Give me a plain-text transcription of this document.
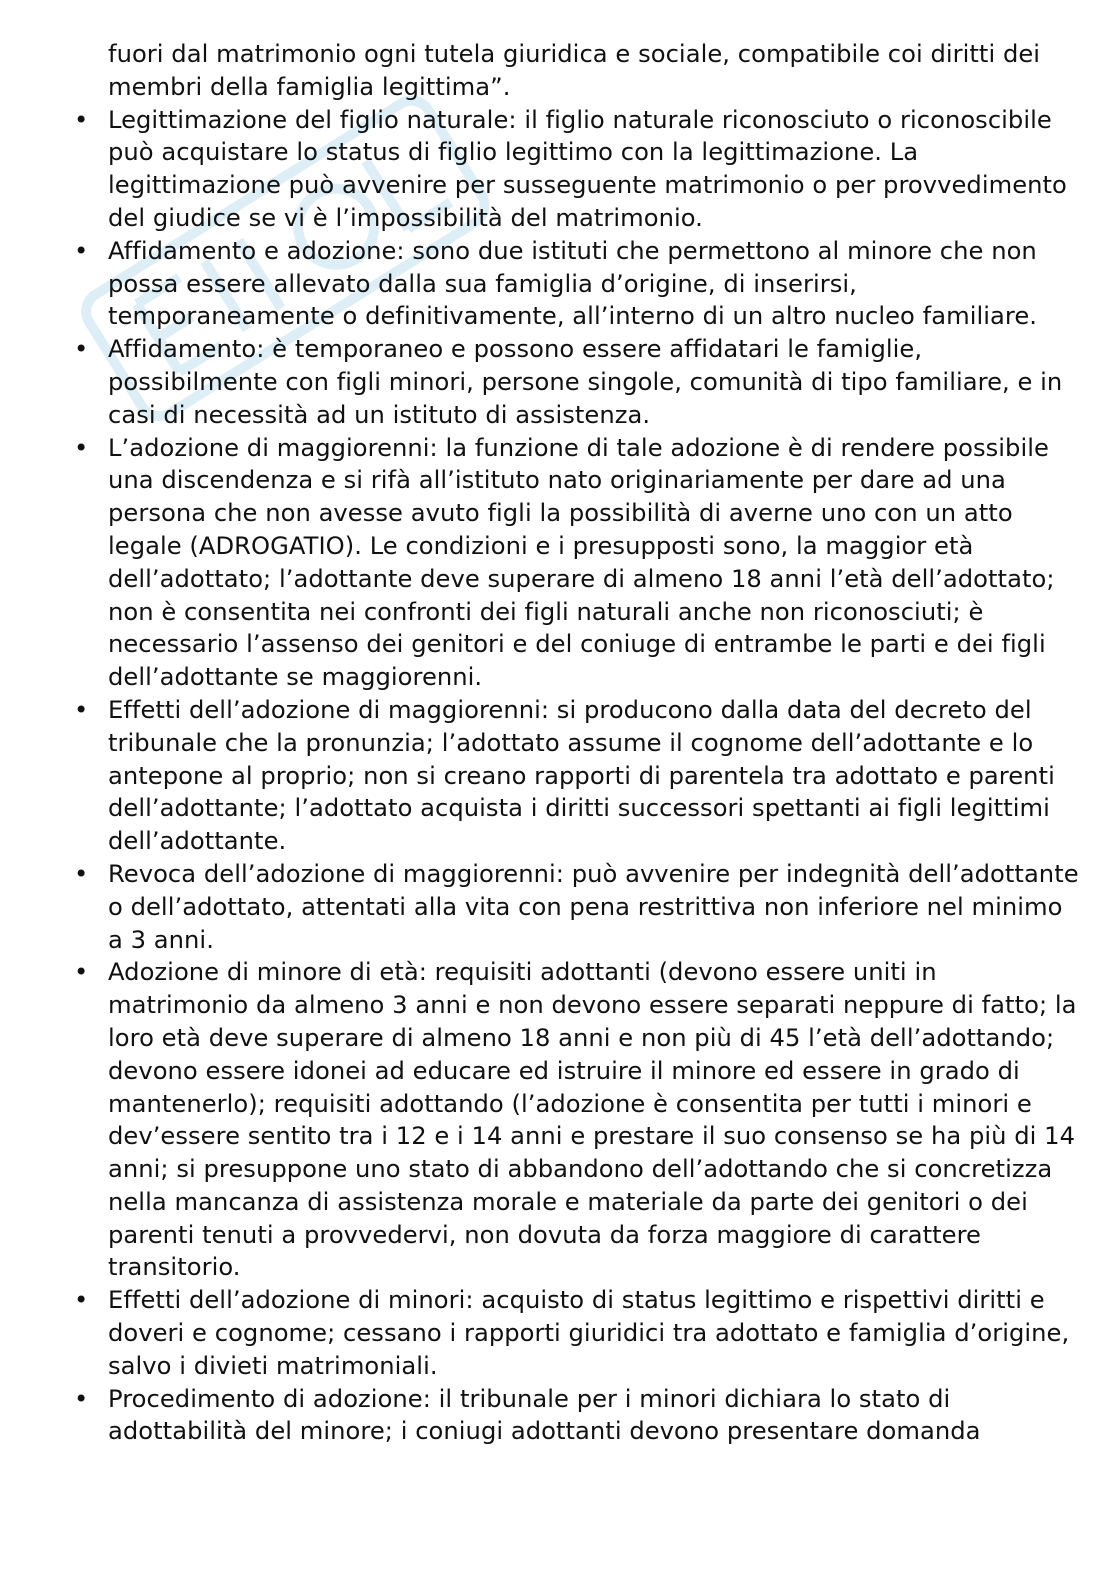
fuori dal matrimonio ogni tutela giuridica e sociale, compatibile coi diritti dei membri della famiglia legittima”.

• Legittimazione del figlio naturale: il figlio naturale riconosciuto o riconoscibile può acquistare lo status di figlio legittimo con la legittimazione. La legittimazione può avvenire per susseguente matrimonio o per provvedimento del giudice se vi è l’impossibilità del matrimonio.
• Affidamento e adozione: sono due istituti che permettono al minore che non possa essere allevato dalla sua famiglia d’origine, di inserirsi, temporaneamente o definitivamente, all’interno di un altro nucleo familiare.
• Affidamento: è temporaneo e possono essere affidatari le famiglie, possibilmente con figli minori, persone singole, comunità di tipo familiare, e in casi di necessità ad un istituto di assistenza.
• L’adozione di maggiorenni: la funzione di tale adozione è di rendere possibile una discendenza e si rifà all’istituto nato originariamente per dare ad una persona che non avesse avuto figli la possibilità di averne uno con un atto legale (ADROGATIO). Le condizioni e i presupposti sono, la maggior età dell’adottato; l’adottante deve superare di almeno 18 anni l’età dell’adottato; non è consentita nei confronti dei figli naturali anche non riconosciuti; è necessario l’assenso dei genitori e del coniuge di entrambe le parti e dei figli dell’adottante se maggiorenni.
• Effetti dell’adozione di maggiorenni: si producono dalla data del decreto del tribunale che la pronunzia; l’adottato assume il cognome dell’adottante e lo antepone al proprio; non si creano rapporti di parentela tra adottato e parenti dell’adottante; l’adottato acquista i diritti successori spettanti ai figli legittimi dell’adottante.
• Revoca dell’adozione di maggiorenni: può avvenire per indegnità dell’adottante o dell’adottato, attentati alla vita con pena restrittiva non inferiore nel minimo a 3 anni.
• Adozione di minore di età: requisiti adottanti (devono essere uniti in matrimonio da almeno 3 anni e non devono essere separati neppure di fatto; la loro età deve superare di almeno 18 anni e non più di 45 l’età dell’adottando; devono essere idonei ad educare ed istruire il minore ed essere in grado di mantenerlo); requisiti adottando (l’adozione è consentita per tutti i minori e dev’essere sentito tra i 12 e i 14 anni e prestare il suo consenso se ha più di 14 anni; si presuppone uno stato di abbandono dell’adottando che si concretizza nella mancanza di assistenza morale e materiale da parte dei genitori o dei parenti tenuti a provvedervi, non dovuta da forza maggiore di carattere transitorio.
• Effetti dell’adozione di minori: acquisto di status legittimo e rispettivi diritti e doveri e cognome; cessano i rapporti giuridici tra adottato e famiglia d’origine, salvo i divieti matrimoniali.
• Procedimento di adozione: il tribunale per i minori dichiara lo stato di adottabilità del minore; i coniugi adottanti devono presentare domanda
